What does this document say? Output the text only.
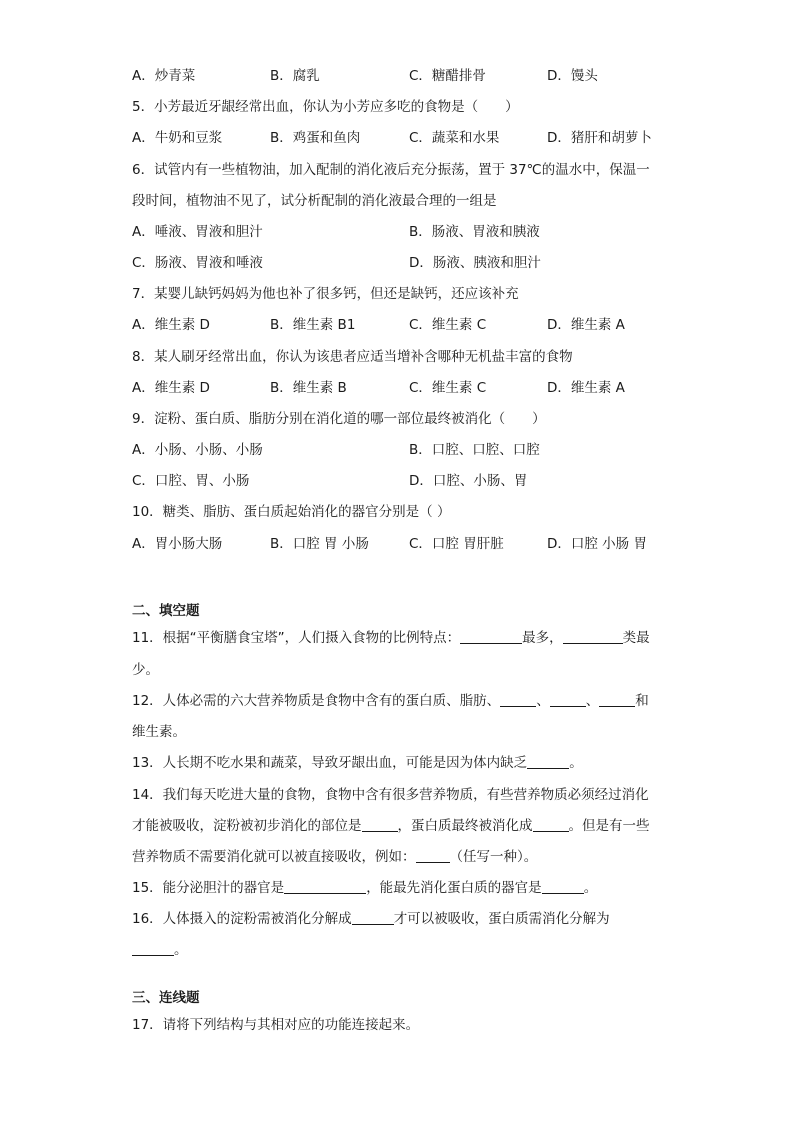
A．炒青菜	B．腐乳	C．糖醋排骨	D．馒头
5．小芳最近牙龈经常出血，你认为小芳应多吃的食物是（　　）
A．牛奶和豆浆	B．鸡蛋和鱼肉	C．蔬菜和水果	D．猪肝和胡萝卜
6．试管内有一些植物油，加入配制的消化液后充分振荡，置于 37℃的温水中，保温一
段时间，植物油不见了，试分析配制的消化液最合理的一组是
A．唾液、胃液和胆汁	B．肠液、胃液和胰液
C．肠液、胃液和唾液	D．肠液、胰液和胆汁
7．某婴儿缺钙妈妈为他也补了很多钙，但还是缺钙，还应该补充
A．维生素 D	B．维生素 B1	C．维生素 C	D．维生素 A
8．某人刷牙经常出血，你认为该患者应适当增补含哪种无机盐丰富的食物
A．维生素 D	B．维生素 B	C．维生素 C	D．维生素 A
9．淀粉、蛋白质、脂肪分别在消化道的哪一部位最终被消化（　　）
A．小肠、小肠、小肠	B．口腔、口腔、口腔
C．口腔、胃、小肠	D．口腔、小肠、胃
10．糖类、脂肪、蛋白质起始消化的器官分别是（ ）
A．胃小肠大肠	B．口腔 胃 小肠	C．口腔 胃肝脏	D．口腔 小肠 胃
二、填空题
11．根据“平衡膳食宝塔”，人们摄入食物的比例特点：	最多，	类最
少。
12．人体必需的六大营养物质是食物中含有的蛋白质、脂肪、	、	、	和
维生素。
13．人长期不吃水果和蔬菜，导致牙龈出血，可能是因为体内缺乏	。
14．我们每天吃进大量的食物，食物中含有很多营养物质，有些营养物质必须经过消化
才能被吸收，淀粉被初步消化的部位是	，蛋白质最终被消化成	。但是有一些
营养物质不需要消化就可以被直接吸收，例如：	（任写一种）。
15．能分泌胆汁的器官是	，能最先消化蛋白质的器官是	。
16．人体摄入的淀粉需被消化分解成	才可以被吸收，蛋白质需消化分解为
。
三、连线题
17．请将下列结构与其相对应的功能连接起来。
